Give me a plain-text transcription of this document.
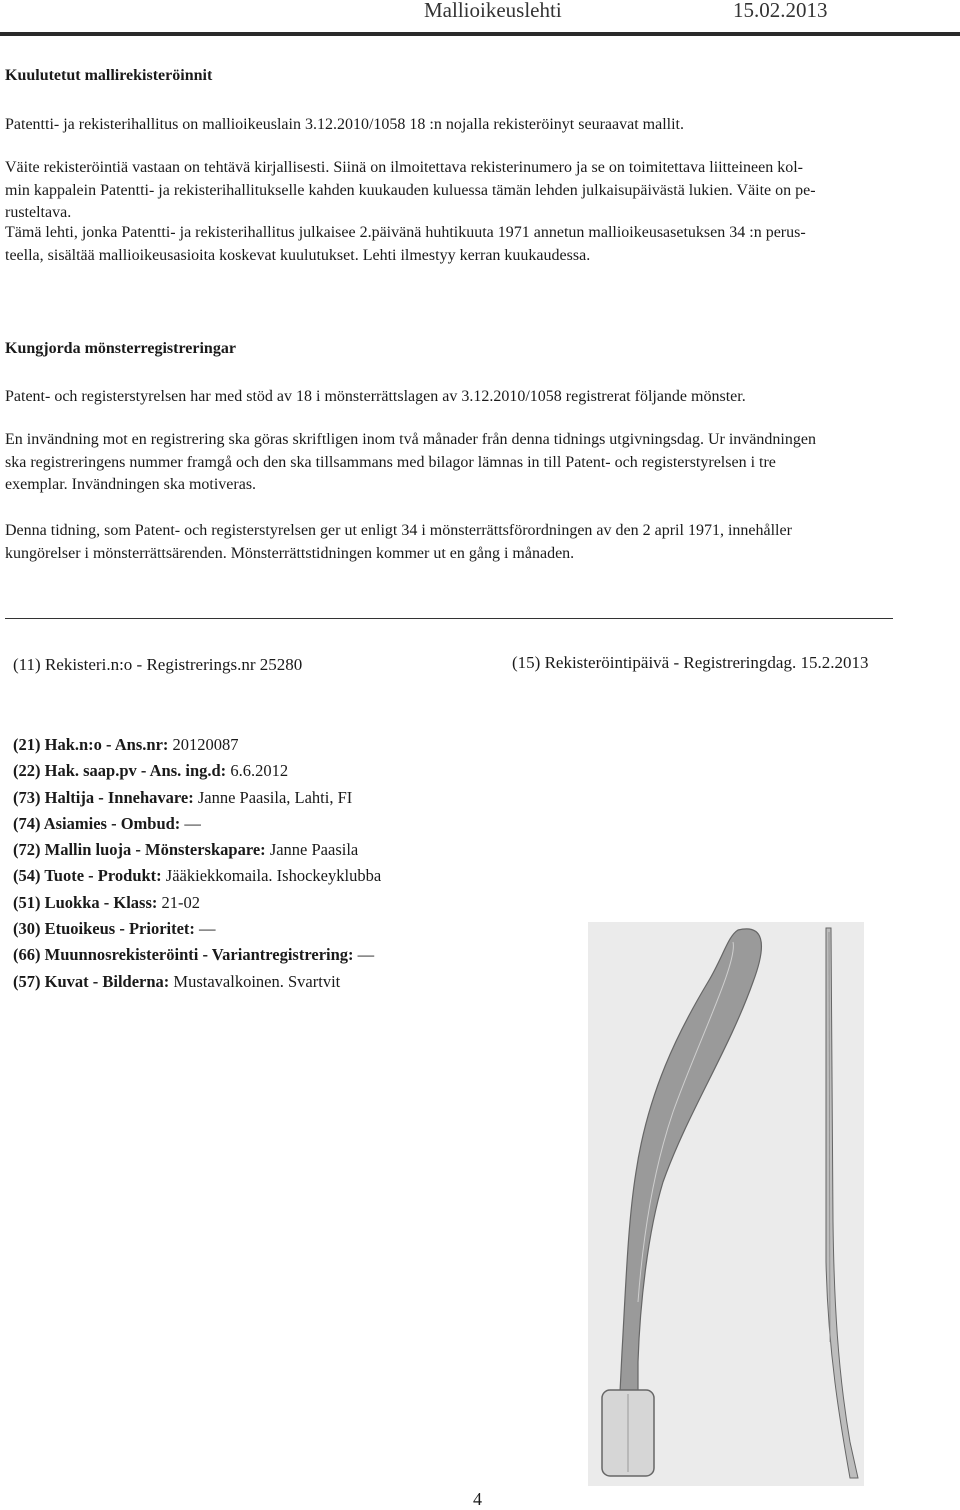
Mallioikeuslehti	15.02.2013
Kuulutetut mallirekisteröinnit

Patentti- ja rekisterihallitus on mallioikeuslain 3.12.2010/1058 18 :n nojalla rekisteröinyt seuraavat mallit.

Väite rekisteröintiä vastaan on tehtävä kirjallisesti. Siinä on ilmoitettava rekisterinumero ja se on toimitettava liitteineen kol-

min kappalein Patentti- ja rekisterihallitukselle kahden kuukauden kuluessa tämän lehden julkaisupäivästä lukien. Väite on pe-

rusteltava.

Tämä lehti, jonka Patentti- ja rekisterihallitus julkaisee 2.päivänä huhtikuuta 1971 annetun mallioikeusasetuksen 34 :n perus-

teella, sisältää mallioikeusasioita koskevat kuulutukset. Lehti ilmestyy kerran kuukaudessa.

Kungjorda mönsterregistreringar

Patent- och registerstyrelsen har med stöd av 18 i mönsterrättslagen av 3.12.2010/1058 registrerat följande mönster.

En invändning mot en registrering ska göras skriftligen inom två månader från denna tidnings utgivningsdag. Ur invändningen

ska registreringens nummer framgå och den ska tillsammans med bilagor lämnas in till Patent- och registerstyrelsen i tre

exemplar. Invändningen ska motiveras.

Denna tidning, som Patent- och registerstyrelsen ger ut enligt 34 i mönsterrättsförordningen av den 2 april 1971, innehåller

kungörelser i mönsterrättsärenden. Mönsterrättstidningen kommer ut en gång i månaden.

(11) Rekisteri.n:o - Registrerings.nr 25280	(15) Rekisteröintipäivä - Registreringdag. 15.2.2013
(21) Hak.n:o - Ans.nr: 20120087
(22) Hak. saap.pv - Ans. ing.d: 6.6.2012
(73) Haltija - Innehavare: Janne Paasila, Lahti, FI
(74) Asiamies - Ombud: —
(72) Mallin luoja - Mönsterskapare: Janne Paasila
(54) Tuote - Produkt: Jääkiekkomaila. Ishockeyklubba
(51) Luokka - Klass: 21-02
(30) Etuoikeus - Prioritet: —
(66) Muunnosrekisteröinti - Variantregistrering: —
(57) Kuvat - Bilderna: Mustavalkoinen. Svartvit
4
